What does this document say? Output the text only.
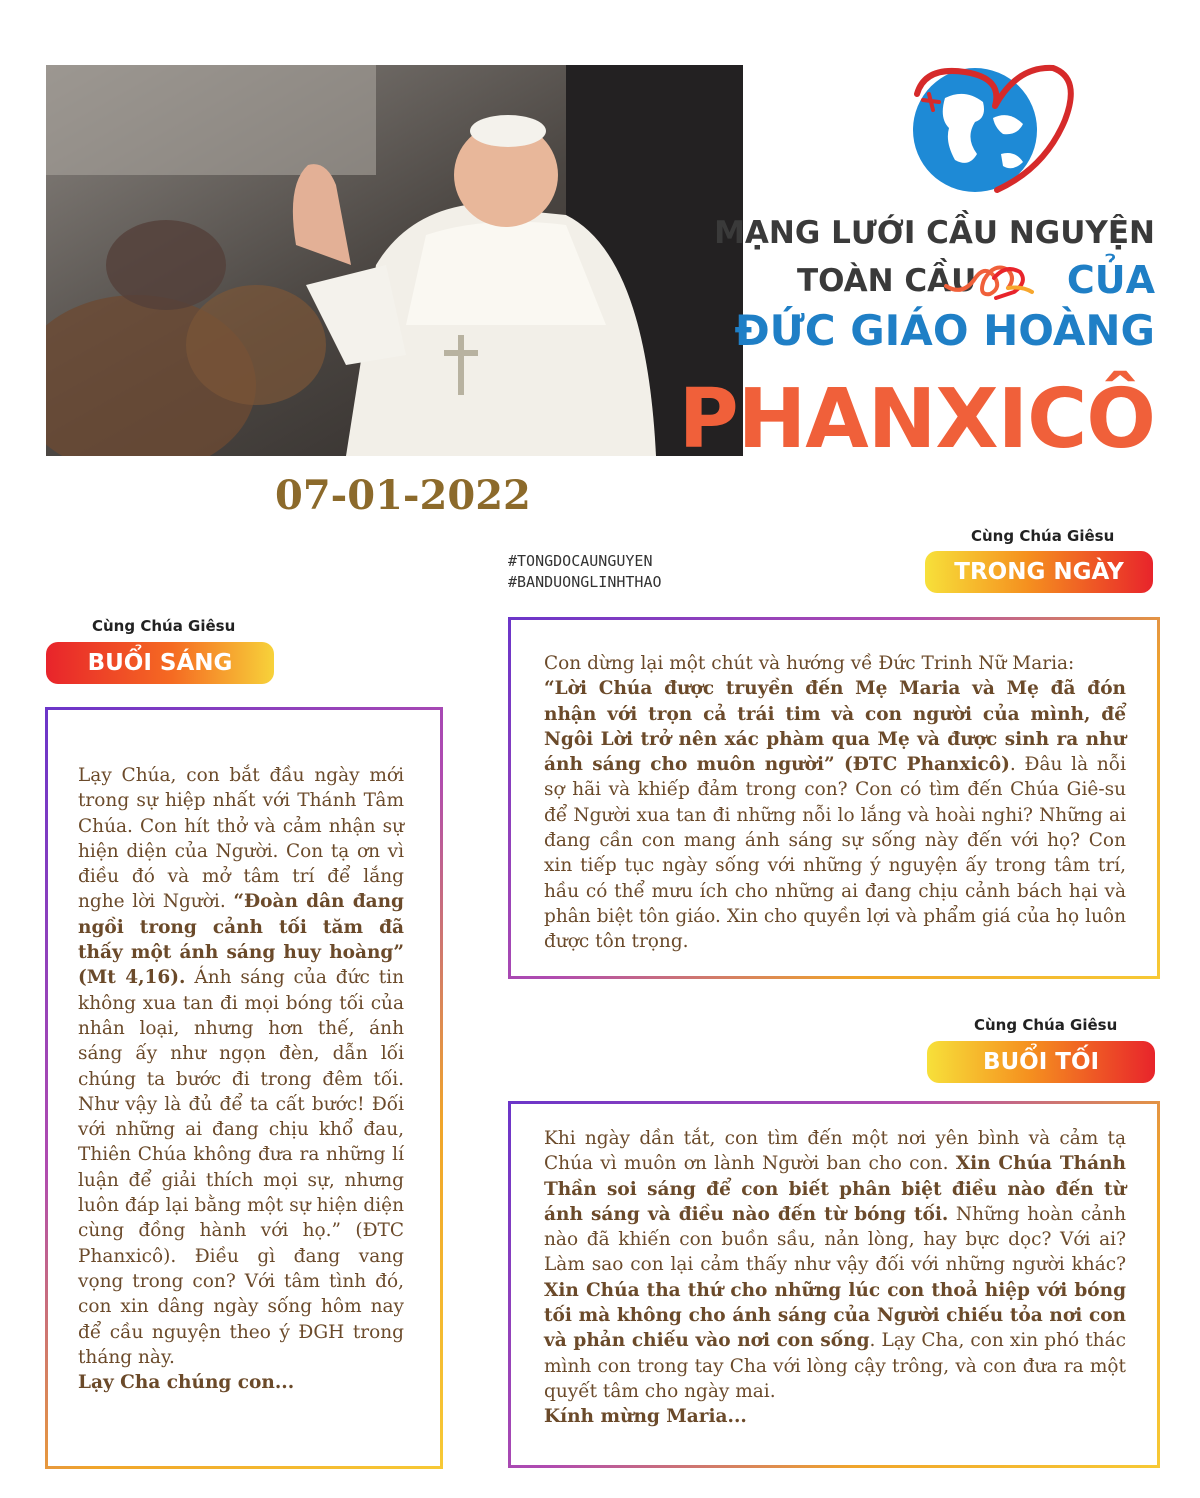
MẠNG LƯỚI CẦU NGUYỆN
TOÀN CẦU CỦA
ĐỨC GIÁO HOÀNG
PHANXICÔ
07-01-2022
#TONGDOCAUNGUYEN
#BANDUONGLINHTHAO
Cùng Chúa Giêsu
BUỔI SÁNG
Lạy Chúa, con bắt đầu ngày mới trong sự hiệp nhất với Thánh Tâm Chúa. Con hít thở và cảm nhận sự hiện diện của Người. Con tạ ơn vì điều đó và mở tâm trí để lắng nghe lời Người. “Đoàn dân đang ngồi trong cảnh tối tăm đã thấy một ánh sáng huy hoàng” (Mt 4,16). Ánh sáng của đức tin không xua tan đi mọi bóng tối của nhân loại, nhưng hơn thế, ánh sáng ấy như ngọn đèn, dẫn lối chúng ta bước đi trong đêm tối. Như vậy là đủ để ta cất bước! Đối với những ai đang chịu khổ đau, Thiên Chúa không đưa ra những lí luận để giải thích mọi sự, nhưng luôn đáp lại bằng một sự hiện diện cùng đồng hành với họ.” (ĐTC Phanxicô). Điều gì đang vang vọng trong con? Với tâm tình đó, con xin dâng ngày sống hôm nay để cầu nguyện theo ý ĐGH trong tháng này.
Lạy Cha chúng con...
Cùng Chúa Giêsu
TRONG NGÀY
Con dừng lại một chút và hướng về Đức Trinh Nữ Maria:
“Lời Chúa được truyền đến Mẹ Maria và Mẹ đã đón nhận với trọn cả trái tim và con người của mình, để Ngôi Lời trở nên xác phàm qua Mẹ và được sinh ra như ánh sáng cho muôn người” (ĐTC Phanxicô). Đâu là nỗi sợ hãi và khiếp đảm trong con? Con có tìm đến Chúa Giê-su để Người xua tan đi những nỗi lo lắng và hoài nghi? Những ai đang cần con mang ánh sáng sự sống này đến với họ? Con xin tiếp tục ngày sống với những ý nguyện ấy trong tâm trí, hầu có thể mưu ích cho những ai đang chịu cảnh bách hại và phân biệt tôn giáo. Xin cho quyền lợi và phẩm giá của họ luôn được tôn trọng.
Cùng Chúa Giêsu
BUỔI TỐI
Khi ngày dần tắt, con tìm đến một nơi yên bình và cảm tạ Chúa vì muôn ơn lành Người ban cho con. Xin Chúa Thánh Thần soi sáng để con biết phân biệt điều nào đến từ ánh sáng và điều nào đến từ bóng tối. Những hoàn cảnh nào đã khiến con buồn sầu, nản lòng, hay bực dọc? Với ai? Làm sao con lại cảm thấy như vậy đối với những người khác? Xin Chúa tha thứ cho những lúc con thoả hiệp với bóng tối mà không cho ánh sáng của Người chiếu tỏa nơi con và phản chiếu vào nơi con sống. Lạy Cha, con xin phó thác mình con trong tay Cha với lòng cậy trông, và con đưa ra một quyết tâm cho ngày mai.
Kính mừng Maria...
